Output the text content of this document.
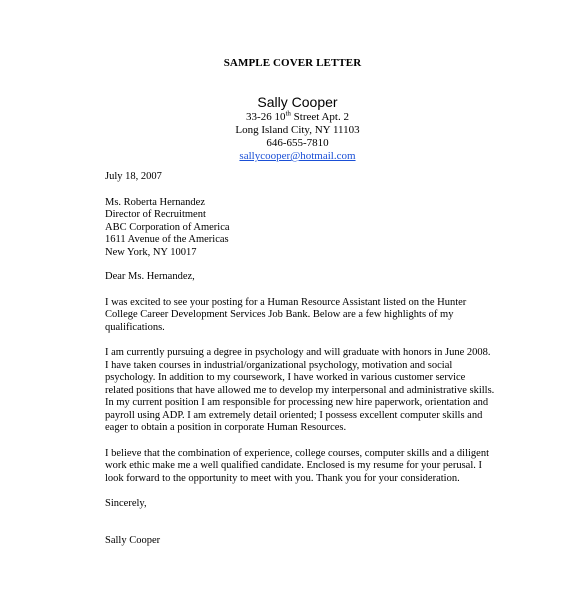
SAMPLE COVER LETTER
Sally Cooper
33-26 10th Street Apt. 2
Long Island City, NY 11103
646-655-7810
sallycooper@hotmail.com

July 18, 2007

Ms. Roberta Hernandez
Director of Recruitment
ABC Corporation of America
1611 Avenue of the Americas
New York, NY 10017

Dear Ms. Hernandez,

I was excited to see your posting for a Human Resource Assistant listed on the Hunter College Career Development Services Job Bank. Below are a few highlights of my qualifications.

I am currently pursuing a degree in psychology and will graduate with honors in June 2008. I have taken courses in industrial/organizational psychology, motivation and social psychology. In addition to my coursework, I have worked in various customer service related positions that have allowed me to develop my interpersonal and administrative skills. In my current position I am responsible for processing new hire paperwork, orientation and payroll using ADP. I am extremely detail oriented; I possess excellent computer skills and eager to obtain a position in corporate Human Resources.

I believe that the combination of experience, college courses, computer skills and a diligent work ethic make me a well qualified candidate. Enclosed is my resume for your perusal. I look forward to the opportunity to meet with you. Thank you for your consideration.

Sincerely,

Sally Cooper
